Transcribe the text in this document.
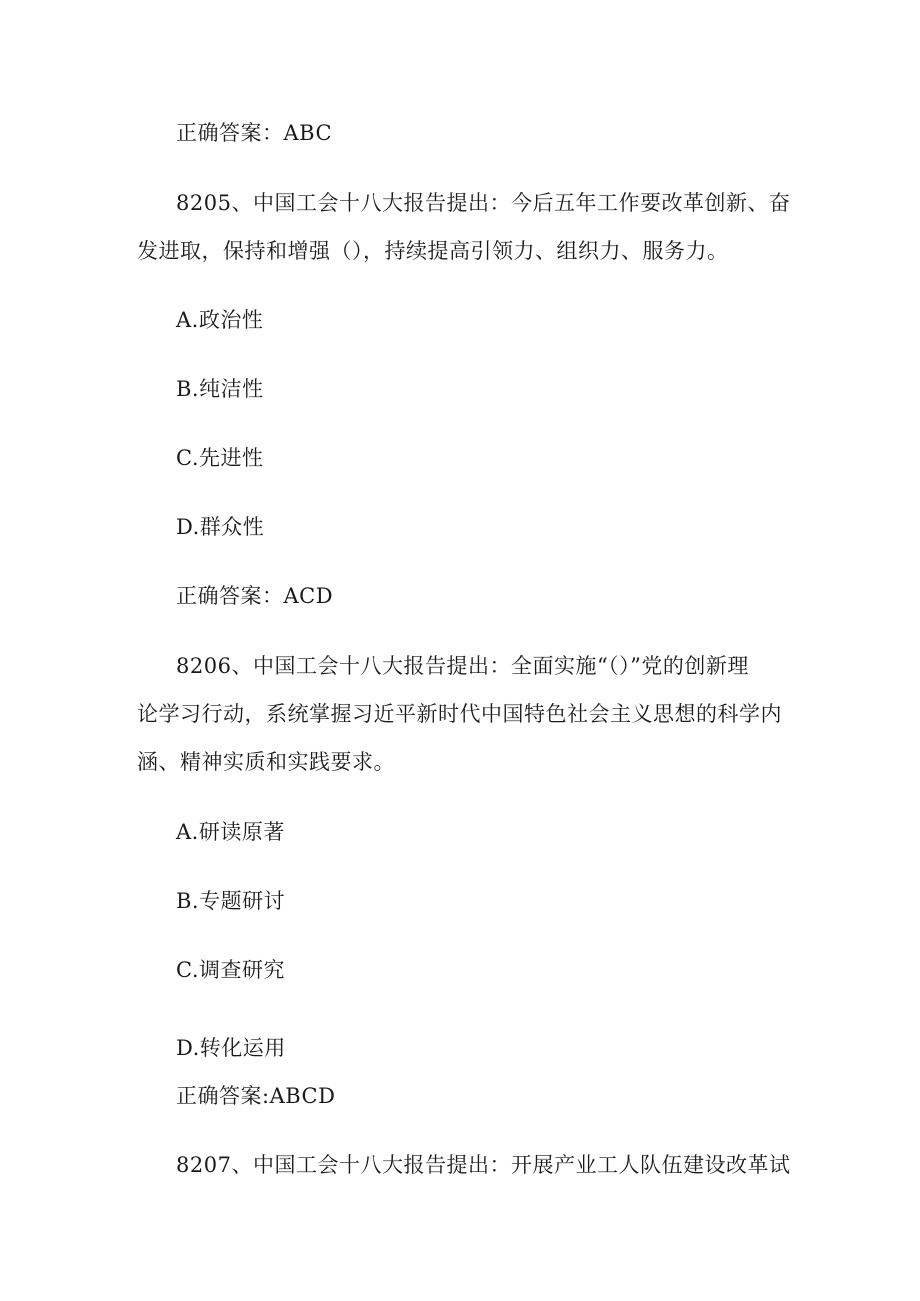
正确答案：ABC
8205、中国工会十八大报告提出：今后五年工作要改革创新、奋
发进取，保持和增强（），持续提高引领力、组织力、服务力。
A.政治性
B.纯洁性
C.先进性
D.群众性
正确答案：ACD
8206、中国工会十八大报告提出：全面实施“（）”党的创新理
论学习行动，系统掌握习近平新时代中国特色社会主义思想的科学内
涵、精神实质和实践要求。
A.研读原著
B.专题研讨
C.调查研究
D.转化运用
正确答案:ABCD
8207、中国工会十八大报告提出：开展产业工人队伍建设改革试
